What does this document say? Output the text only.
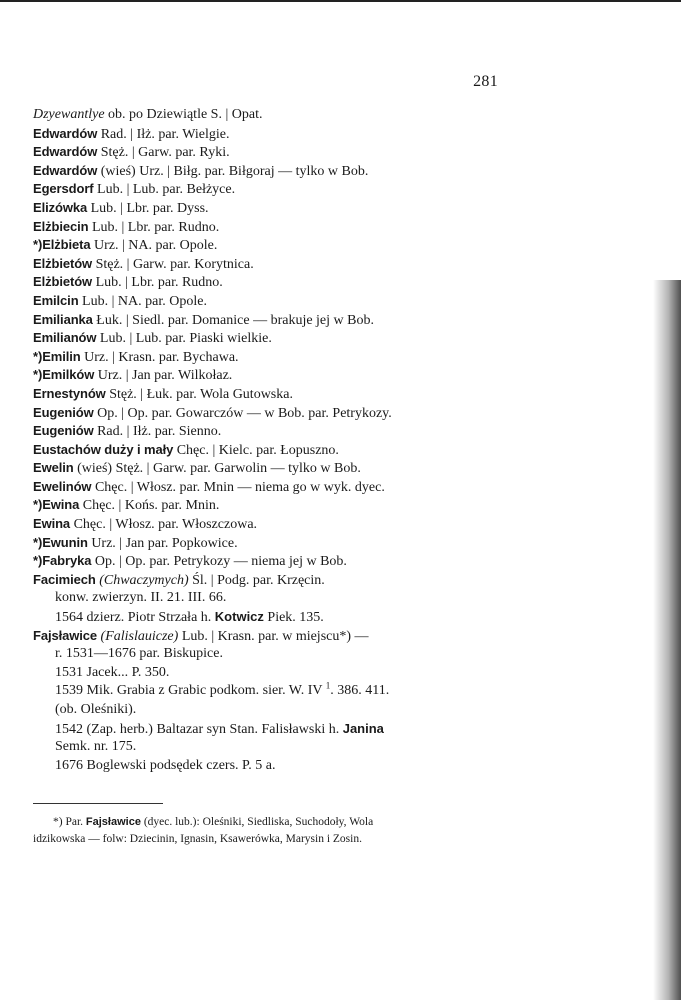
281
Dzyewantlye ob. po Dziewiątle S. | Opat.
Edwardów Rad. | Iłż. par. Wielgie.
Edwardów Stęż. | Garw. par. Ryki.
Edwardów (wieś) Urz. | Biłg. par. Biłgoraj — tylko w Bob.
Egersdorf Lub. | Lub. par. Bełżyce.
Elizówka Lub. | Lbr. par. Dyss.
Elżbiecin Lub. | Lbr. par. Rudno.
*)Elżbieta Urz. | NA. par. Opole.
Elżbietów Stęż. | Garw. par. Korytnica.
Elżbietów Lub. | Lbr. par. Rudno.
Emilcin Lub. | NA. par. Opole.
Emilianka Łuk. | Siedl. par. Domanice — brakuje jej w Bob.
Emilianów Lub. | Lub. par. Piaski wielkie.
*)Emilin Urz. | Krasn. par. Bychawa.
*)Emilków Urz. | Jan par. Wilkołaz.
Ernestynów Stęż. | Łuk. par. Wola Gutowska.
Eugeniów Op. | Op. par. Gowarczów — w Bob. par. Petrykozy.
Eugeniów Rad. | Iłż. par. Sienno.
Eustachów duży i mały Chęc. | Kielc. par. Łopuszno.
Ewelin (wieś) Stęż. | Garw. par. Garwolin — tylko w Bob.
Ewelinów Chęc. | Włosz. par. Mnin — niema go w wyk. dyec.
*)Ewina Chęc. | Końs. par. Mnin.
Ewina Chęc. | Włosz. par. Włoszczowa.
*)Ewunin Urz. | Jan par. Popkowice.
*)Fabryka Op. | Op. par. Petrykozy — niema jej w Bob.
Facimiech (Chwaczymych) Śl. | Podg. par. Krzęcin.
konw. zwierzyn. II. 21. III. 66.
1564 dzierz. Piotr Strzała h. Kotwicz Piek. 135.
Fajsławice (Falislauicze) Lub. | Krasn. par. w miejscu*) —
r. 1531—1676 par. Biskupice.
1531 Jacek... P. 350.
1539 Mik. Grabia z Grabic podkom. sier. W. IV $^1$. 386. 411.
(ob. Oleśniki).
1542 (Zap. herb.) Baltazar syn Stan. Falisławski h. Janina
Semk. nr. 175.
1676 Boglewski podsędek czers. P. 5 a.
*) Par. Fajsławice (dyec. lub.): Oleśniki, Siedliska, Suchodoły, Wola
idzikowska — folw: Dziecinin, Ignasin, Ksawerówka, Marysin i Zosin.
